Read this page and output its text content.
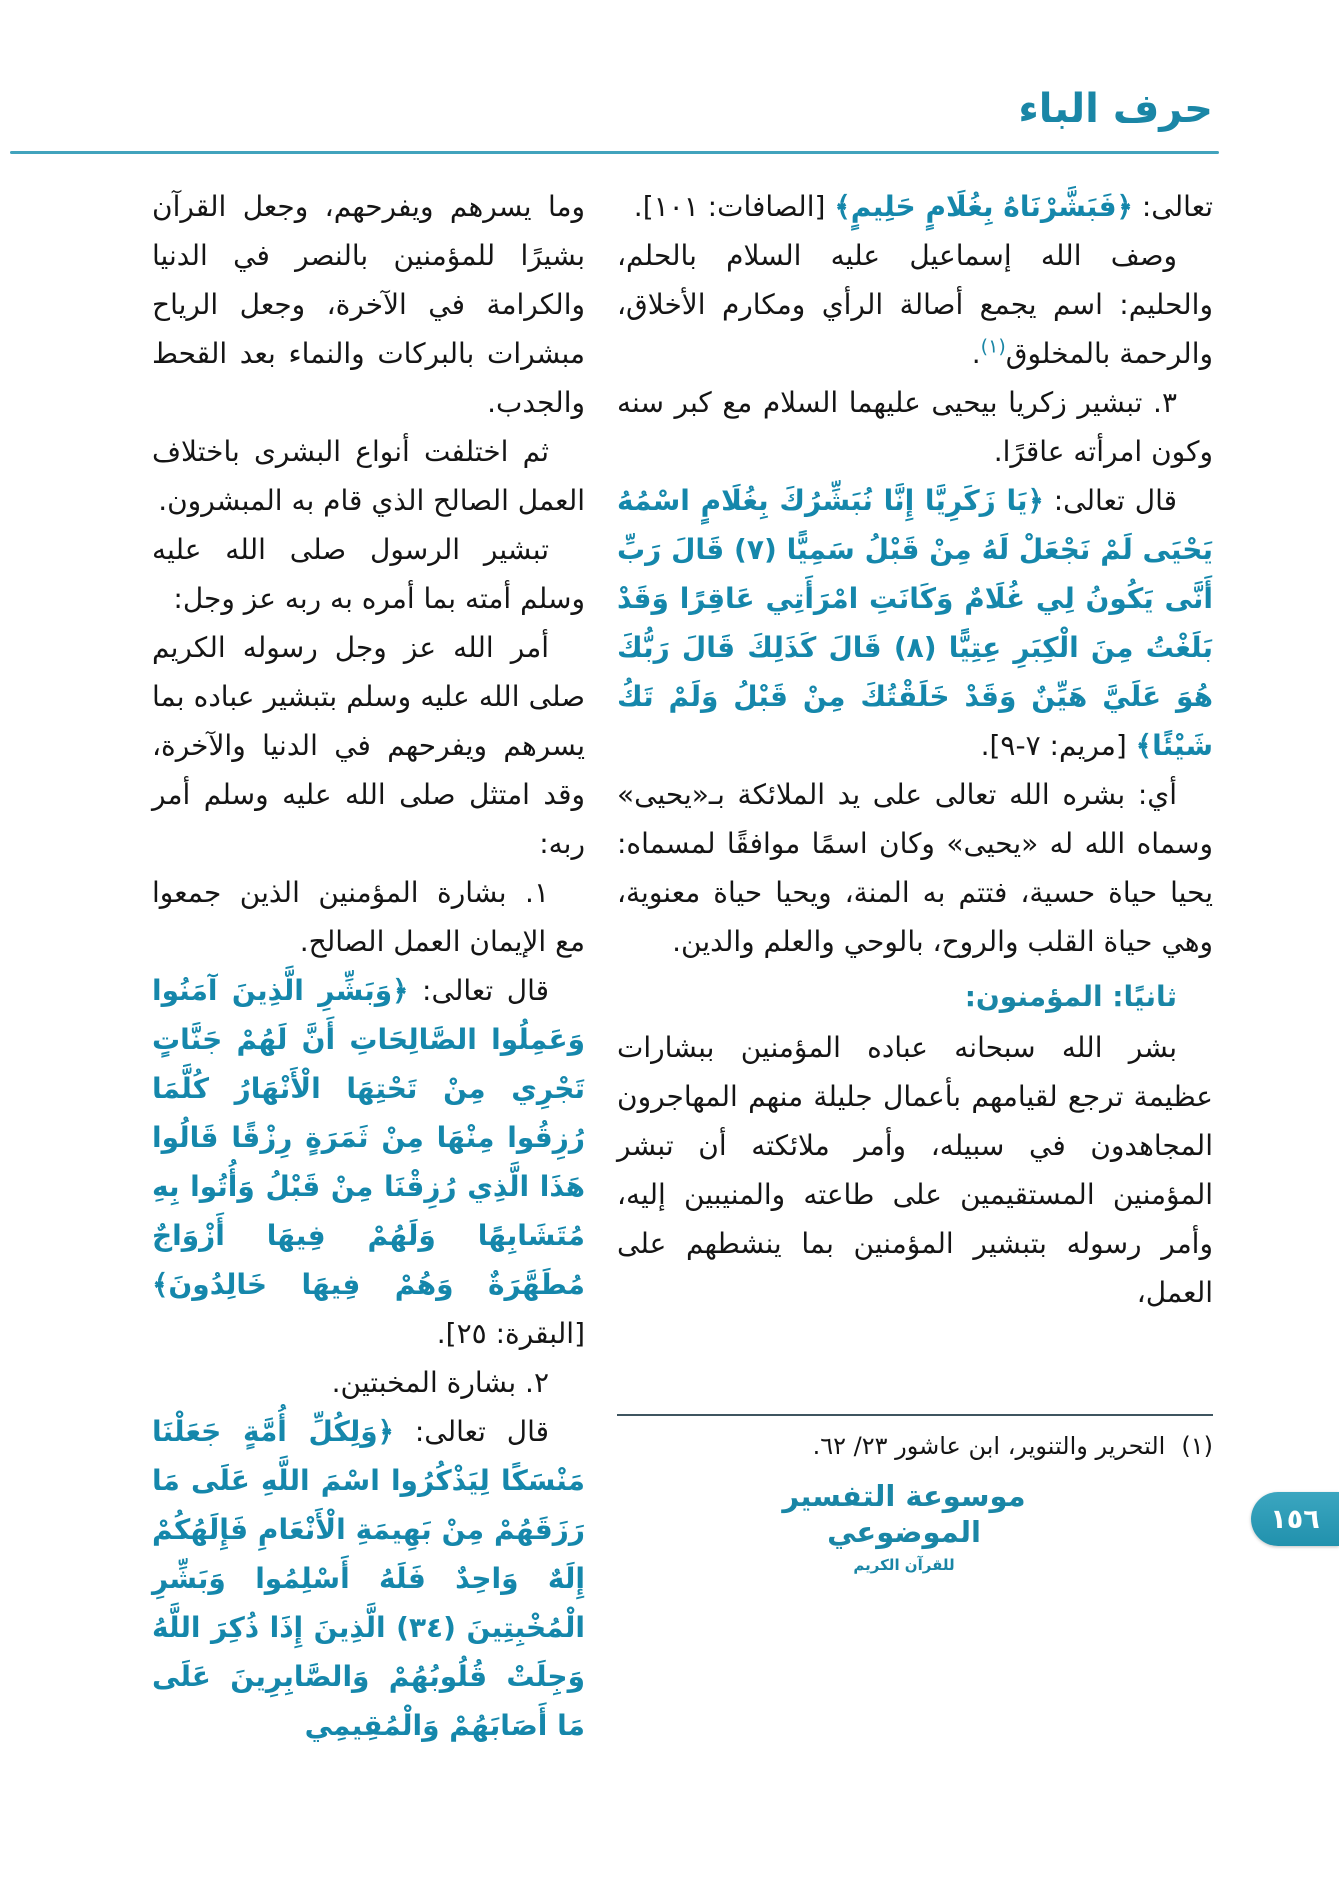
حرف الباء

تعالى: ﴿فَبَشَّرْنَاهُ بِغُلَامٍ حَلِيمٍ﴾ [الصافات: ١٠١].

وصف الله إسماعيل عليه السلام بالحلم، والحليم: اسم يجمع أصالة الرأي ومكارم الأخلاق، والرحمة بالمخلوق$^{(١)}$.

٣. تبشير زكريا بيحيى عليهما السلام مع كبر سنه وكون امرأته عاقرًا.

قال تعالى: ﴿يَا زَكَرِيَّا إِنَّا نُبَشِّرُكَ بِغُلَامٍ اسْمُهُ يَحْيَى لَمْ نَجْعَلْ لَهُ مِنْ قَبْلُ سَمِيًّا (٧) قَالَ رَبِّ أَنَّى يَكُونُ لِي غُلَامٌ وَكَانَتِ امْرَأَتِي عَاقِرًا وَقَدْ بَلَغْتُ مِنَ الْكِبَرِ عِتِيًّا (٨) قَالَ كَذَلِكَ قَالَ رَبُّكَ هُوَ عَلَيَّ هَيِّنٌ وَقَدْ خَلَقْتُكَ مِنْ قَبْلُ وَلَمْ تَكُ شَيْئًا﴾ [مريم: ٧-٩].

أي: بشره الله تعالى على يد الملائكة بـ«يحيى» وسماه الله له «يحيى» وكان اسمًا موافقًا لمسماه: يحيا حياة حسية، فتتم به المنة، ويحيا حياة معنوية، وهي حياة القلب والروح، بالوحي والعلم والدين.

ثانيًا: المؤمنون:

بشر الله سبحانه عباده المؤمنين ببشارات عظيمة ترجع لقيامهم بأعمال جليلة منهم المهاجرون المجاهدون في سبيله، وأمر ملائكته أن تبشر المؤمنين المستقيمين على طاعته والمنيبين إليه، وأمر رسوله بتبشير المؤمنين بما ينشطهم على العمل،

وما يسرهم ويفرحهم، وجعل القرآن بشيرًا للمؤمنين بالنصر في الدنيا والكرامة في الآخرة، وجعل الرياح مبشرات بالبركات والنماء بعد القحط والجدب.

ثم اختلفت أنواع البشرى باختلاف العمل الصالح الذي قام به المبشرون.

تبشير الرسول صلى الله عليه وسلم أمته بما أمره به ربه عز وجل:

أمر الله عز وجل رسوله الكريم صلى الله عليه وسلم بتبشير عباده بما يسرهم ويفرحهم في الدنيا والآخرة، وقد امتثل صلى الله عليه وسلم أمر ربه:

١. بشارة المؤمنين الذين جمعوا مع الإيمان العمل الصالح.

قال تعالى: ﴿وَبَشِّرِ الَّذِينَ آمَنُوا وَعَمِلُوا الصَّالِحَاتِ أَنَّ لَهُمْ جَنَّاتٍ تَجْرِي مِنْ تَحْتِهَا الْأَنْهَارُ كُلَّمَا رُزِقُوا مِنْهَا مِنْ ثَمَرَةٍ رِزْقًا قَالُوا هَذَا الَّذِي رُزِقْنَا مِنْ قَبْلُ وَأُتُوا بِهِ مُتَشَابِهًا وَلَهُمْ فِيهَا أَزْوَاجٌ مُطَهَّرَةٌ وَهُمْ فِيهَا خَالِدُونَ﴾ [البقرة: ٢٥].

٢. بشارة المخبتين.

قال تعالى: ﴿وَلِكُلِّ أُمَّةٍ جَعَلْنَا مَنْسَكًا لِيَذْكُرُوا اسْمَ اللَّهِ عَلَى مَا رَزَقَهُمْ مِنْ بَهِيمَةِ الْأَنْعَامِ فَإِلَهُكُمْ إِلَهٌ وَاحِدٌ فَلَهُ أَسْلِمُوا وَبَشِّرِ الْمُخْبِتِينَ (٣٤) الَّذِينَ إِذَا ذُكِرَ اللَّهُ وَجِلَتْ قُلُوبُهُمْ وَالصَّابِرِينَ عَلَى مَا أَصَابَهُمْ وَالْمُقِيمِي

(١)التحرير والتنوير، ابن عاشور ٢٣/ ٦٢.
موسوعة التفسير الموضوعي
للقرآن الكريم
١٥٦
